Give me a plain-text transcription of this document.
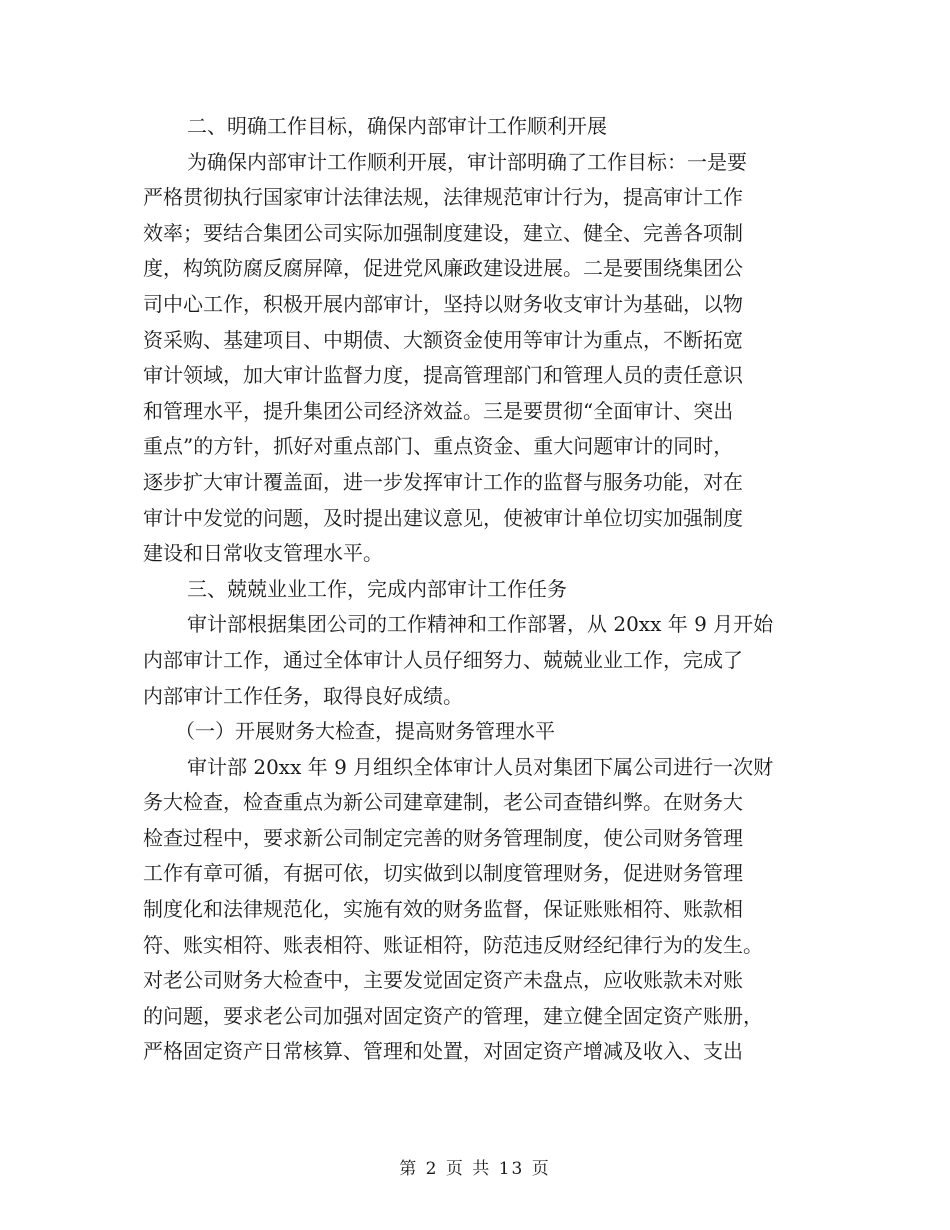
二、明确工作目标，确保内部审计工作顺利开展
为确保内部审计工作顺利开展，审计部明确了工作目标：一是要
严格贯彻执行国家审计法律法规，法律规范审计行为，提高审计工作
效率；要结合集团公司实际加强制度建设，建立、健全、完善各项制
度，构筑防腐反腐屏障，促进党风廉政建设进展。二是要围绕集团公
司中心工作，积极开展内部审计，坚持以财务收支审计为基础，以物
资采购、基建项目、中期债、大额资金使用等审计为重点，不断拓宽
审计领域，加大审计监督力度，提高管理部门和管理人员的责任意识
和管理水平，提升集团公司经济效益。三是要贯彻“全面审计、突出
重点”的方针，抓好对重点部门、重点资金、重大问题审计的同时，
逐步扩大审计覆盖面，进一步发挥审计工作的监督与服务功能，对在
审计中发觉的问题，及时提出建议意见，使被审计单位切实加强制度
建设和日常收支管理水平。
三、兢兢业业工作，完成内部审计工作任务
审计部根据集团公司的工作精神和工作部署，从 20xx 年 9 月开始
内部审计工作，通过全体审计人员仔细努力、兢兢业业工作，完成了
内部审计工作任务，取得良好成绩。
（一）开展财务大检查，提高财务管理水平
审计部 20xx 年 9 月组织全体审计人员对集团下属公司进行一次财
务大检查，检查重点为新公司建章建制，老公司查错纠弊。在财务大
检查过程中，要求新公司制定完善的财务管理制度，使公司财务管理
工作有章可循，有据可依，切实做到以制度管理财务，促进财务管理
制度化和法律规范化，实施有效的财务监督，保证账账相符、账款相
符、账实相符、账表相符、账证相符，防范违反财经纪律行为的发生。
对老公司财务大检查中，主要发觉固定资产未盘点，应收账款未对账
的问题，要求老公司加强对固定资产的管理，建立健全固定资产账册，
严格固定资产日常核算、管理和处置，对固定资产增减及收入、支出
第 2 页 共 13 页
